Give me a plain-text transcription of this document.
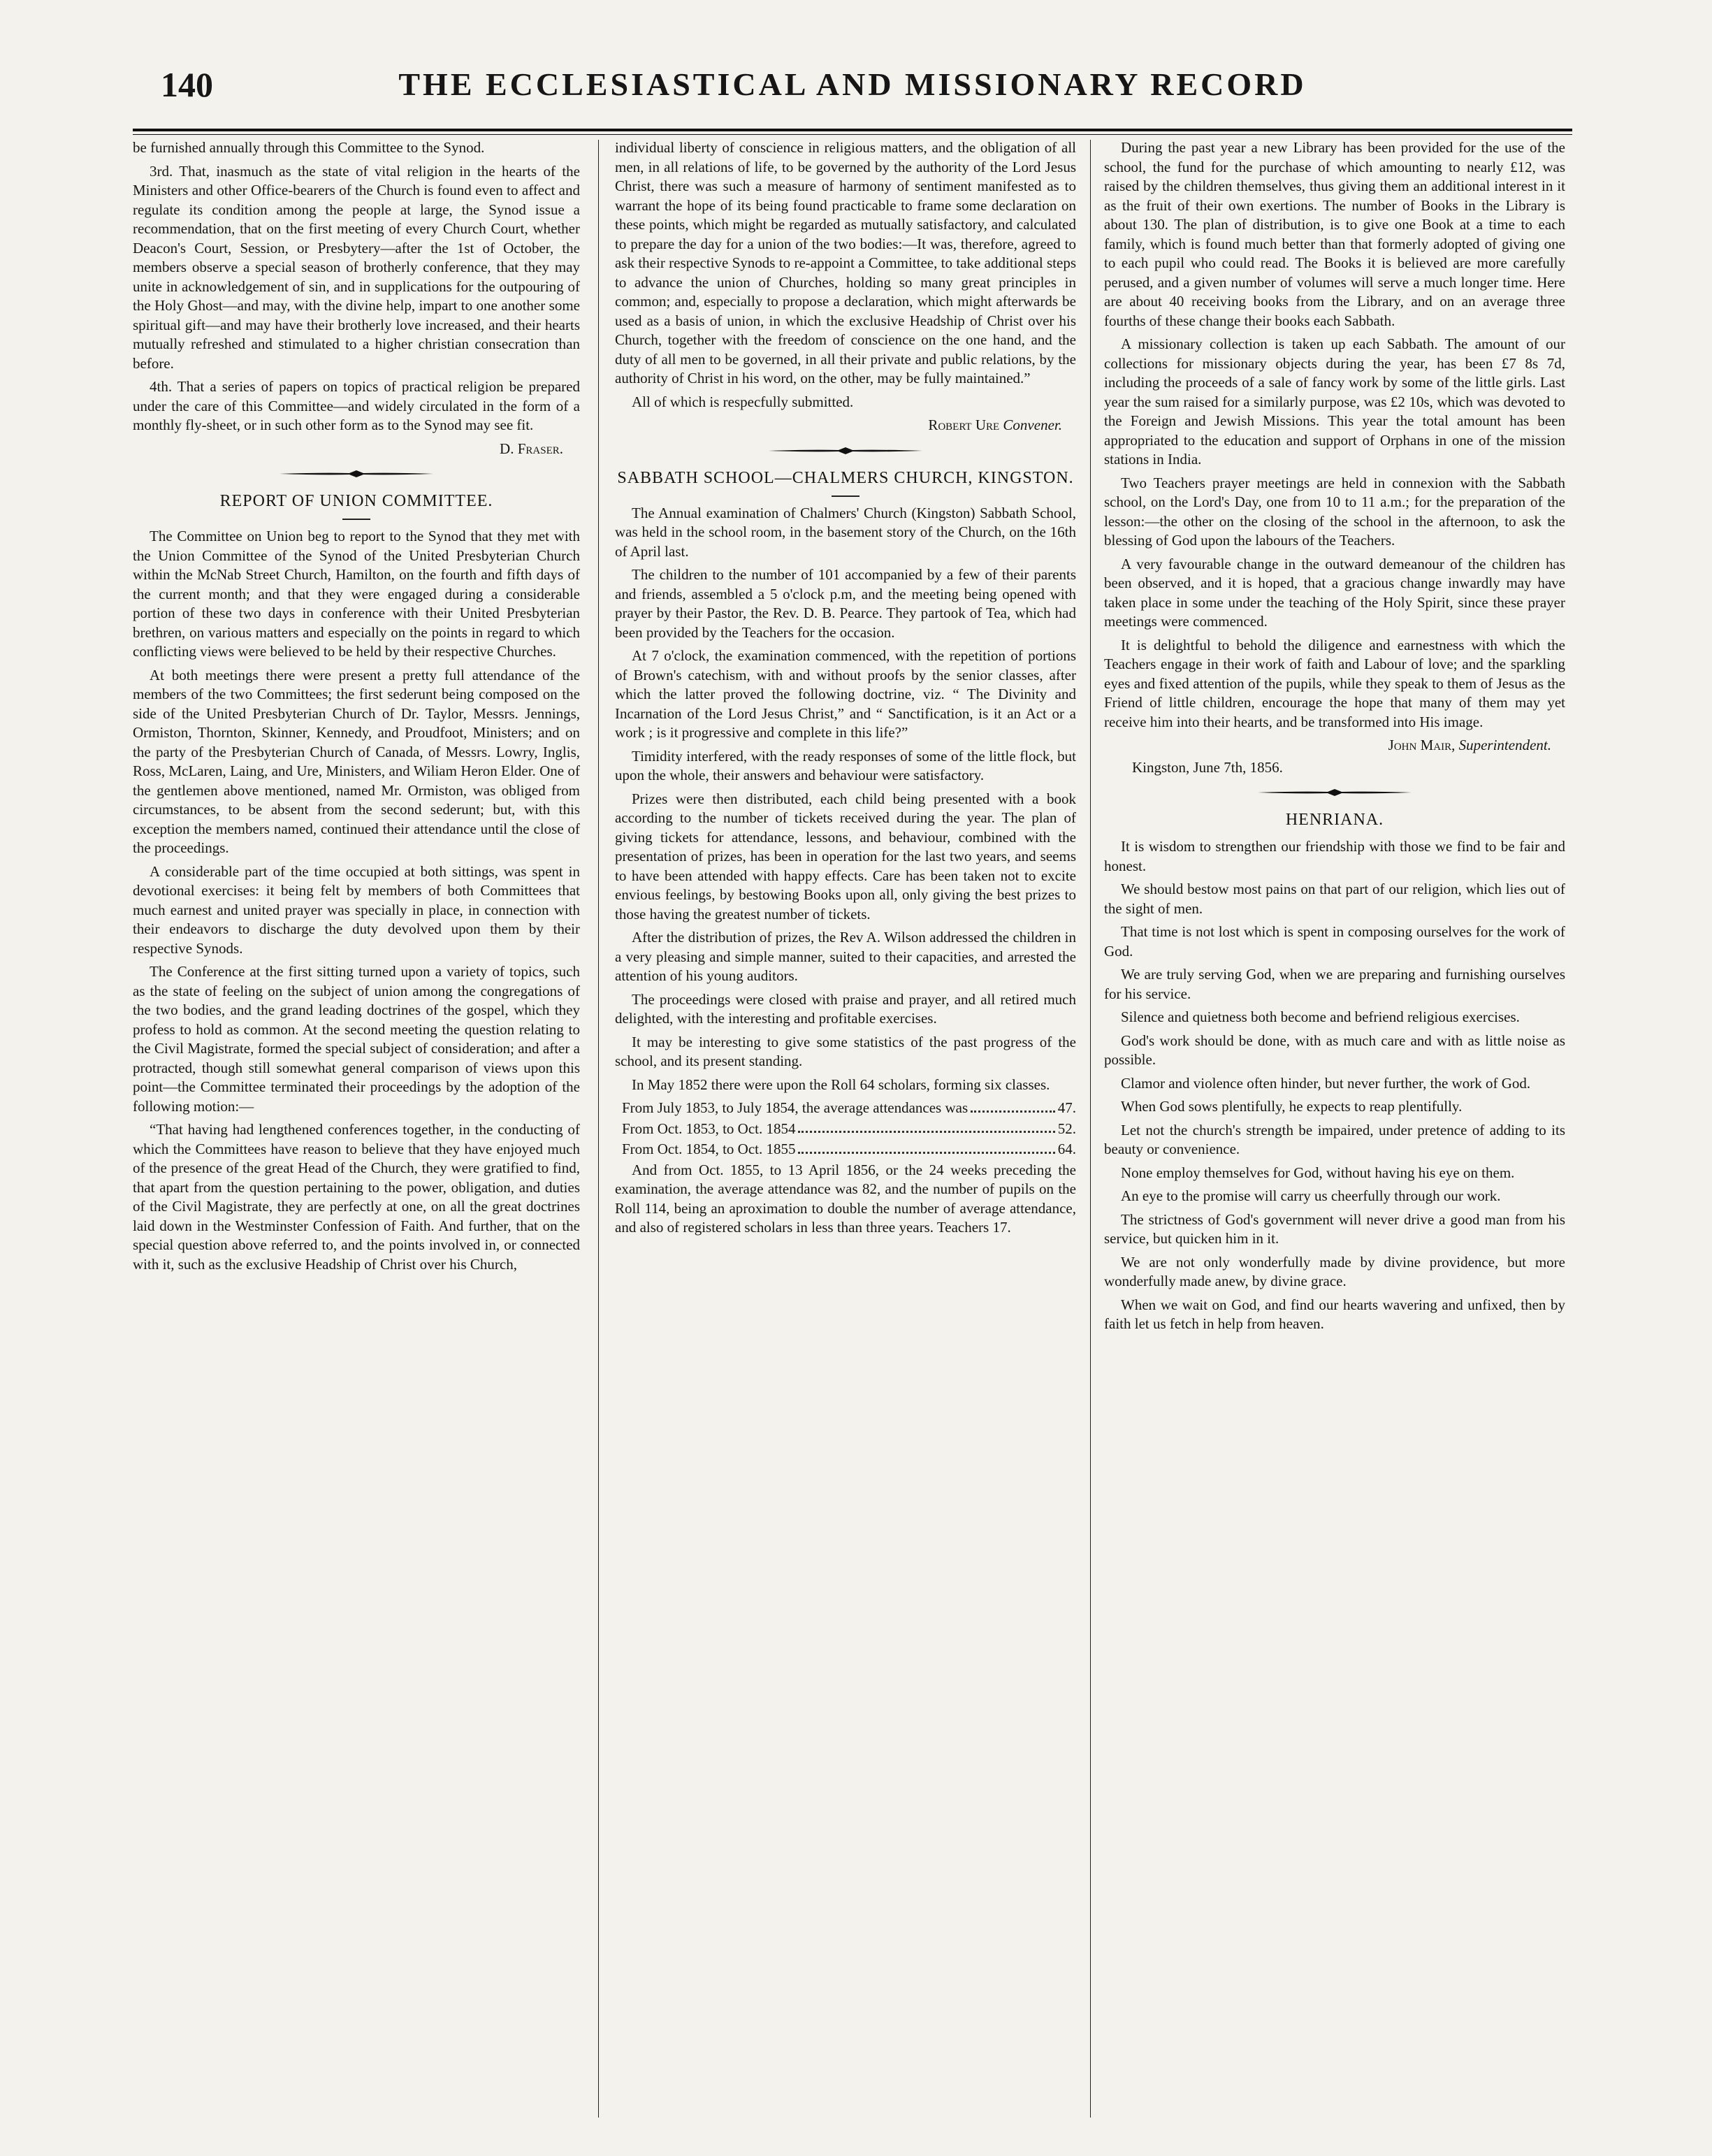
140	THE ECCLESIASTICAL AND MISSIONARY RECORD

be furnished annually through this Committee to the Synod.

3rd. That, inasmuch as the state of vital religion in the hearts of the Ministers and other Office-bearers of the Church is found even to affect and regulate its condition among the people at large, the Synod issue a recommendation, that on the first meeting of every Church Court, whether Deacon's Court, Session, or Presbytery—after the 1st of October, the members observe a special season of brotherly conference, that they may unite in acknowledgement of sin, and in supplications for the outpouring of the Holy Ghost—and may, with the divine help, impart to one another some spiritual gift—and may have their brotherly love increased, and their hearts mutually refreshed and stimulated to a higher christian consecration than before.

4th. That a series of papers on topics of practical religion be prepared under the care of this Committee—and widely circulated in the form of a monthly fly-sheet, or in such other form as to the Synod may see fit.

D. Fraser.
REPORT OF UNION COMMITTEE.

The Committee on Union beg to report to the Synod that they met with the Union Committee of the Synod of the United Presbyterian Church within the McNab Street Church, Hamilton, on the fourth and fifth days of the current month; and that they were engaged during a considerable portion of these two days in conference with their United Presbyterian brethren, on various matters and especially on the points in regard to which conflicting views were believed to be held by their respective Churches.

At both meetings there were present a pretty full attendance of the members of the two Committees; the first sederunt being composed on the side of the United Presbyterian Church of Dr. Taylor, Messrs. Jennings, Ormiston, Thornton, Skinner, Kennedy, and Proudfoot, Ministers; and on the party of the Presbyterian Church of Canada, of Messrs. Lowry, Inglis, Ross, McLaren, Laing, and Ure, Ministers, and Wiliam Heron Elder. One of the gentlemen above mentioned, named Mr. Ormiston, was obliged from circumstances, to be absent from the second sederunt; but, with this exception the members named, continued their attendance until the close of the proceedings.

A considerable part of the time occupied at both sittings, was spent in devotional exercises: it being felt by members of both Committees that much earnest and united prayer was specially in place, in connection with their endeavors to discharge the duty devolved upon them by their respective Synods.

The Conference at the first sitting turned upon a variety of topics, such as the state of feeling on the subject of union among the congregations of the two bodies, and the grand leading doctrines of the gospel, which they profess to hold as common. At the second meeting the question relating to the Civil Magistrate, formed the special subject of consideration; and after a protracted, though still somewhat general comparison of views upon this point—the Committee terminated their proceedings by the adoption of the following motion:—

“That having had lengthened conferences together, in the conducting of which the Committees have reason to believe that they have enjoyed much of the presence of the great Head of the Church, they were gratified to find, that apart from the question pertaining to the power, obligation, and duties of the Civil Magistrate, they are perfectly at one, on all the great doctrines laid down in the Westminster Confession of Faith. And further, that on the special question above referred to, and the points involved in, or connected with it, such as the exclusive Headship of Christ over his Church,

individual liberty of conscience in religious matters, and the obligation of all men, in all relations of life, to be governed by the authority of the Lord Jesus Christ, there was such a measure of harmony of sentiment manifested as to warrant the hope of its being found practicable to frame some declaration on these points, which might be regarded as mutually satisfactory, and calculated to prepare the day for a union of the two bodies:—It was, therefore, agreed to ask their respective Synods to re-appoint a Committee, to take additional steps to advance the union of Churches, holding so many great principles in common; and, especially to propose a declaration, which might afterwards be used as a basis of union, in which the exclusive Headship of Christ over his Church, together with the freedom of conscience on the one hand, and the duty of all men to be governed, in all their private and public relations, by the authority of Christ in his word, on the other, may be fully maintained.”

All of which is respecfully submitted.

Robert Ure Convener.
SABBATH SCHOOL—CHALMERS CHURCH, KINGSTON.

The Annual examination of Chalmers' Church (Kingston) Sabbath School, was held in the school room, in the basement story of the Church, on the 16th of April last.

The children to the number of 101 accompanied by a few of their parents and friends, assembled a 5 o'clock p.m, and the meeting being opened with prayer by their Pastor, the Rev. D. B. Pearce. They partook of Tea, which had been provided by the Teachers for the occasion.

At 7 o'clock, the examination commenced, with the repetition of portions of Brown's catechism, with and without proofs by the senior classes, after which the latter proved the following doctrine, viz. “ The Divinity and Incarnation of the Lord Jesus Christ,” and “ Sanctification, is it an Act or a work ; is it progressive and complete in this life?”

Timidity interfered, with the ready responses of some of the little flock, but upon the whole, their answers and behaviour were satisfactory.

Prizes were then distributed, each child being presented with a book according to the number of tickets received during the year. The plan of giving tickets for attendance, lessons, and behaviour, combined with the presentation of prizes, has been in operation for the last two years, and seems to have been attended with happy effects. Care has been taken not to excite envious feelings, by bestowing Books upon all, only giving the best prizes to those having the greatest number of tickets.

After the distribution of prizes, the Rev A. Wilson addressed the children in a very pleasing and simple manner, suited to their capacities, and arrested the attention of his young auditors.

The proceedings were closed with praise and prayer, and all retired much delighted, with the interesting and profitable exercises.

It may be interesting to give some statistics of the past progress of the school, and its present standing.

In May 1852 there were upon the Roll 64 scholars, forming six classes.

From July 1853, to July 1854, the average attendances was	47.
From Oct. 1853, to Oct. 1854	52.
From Oct. 1854, to Oct. 1855	64.

And from Oct. 1855, to 13 April 1856, or the 24 weeks preceding the examination, the average attendance was 82, and the number of pupils on the Roll 114, being an aproximation to double the number of average attendance, and also of registered scholars in less than three years. Teachers 17.

During the past year a new Library has been provided for the use of the school, the fund for the purchase of which amounting to nearly £12, was raised by the children themselves, thus giving them an additional interest in it as the fruit of their own exertions. The number of Books in the Library is about 130. The plan of distribution, is to give one Book at a time to each family, which is found much better than that formerly adopted of giving one to each pupil who could read. The Books it is believed are more carefully perused, and a given number of volumes will serve a much longer time. Here are about 40 receiving books from the Library, and on an average three fourths of these change their books each Sabbath.

A missionary collection is taken up each Sabbath. The amount of our collections for missionary objects during the year, has been £7 8s 7d, including the proceeds of a sale of fancy work by some of the little girls. Last year the sum raised for a similarly purpose, was £2 10s, which was devoted to the Foreign and Jewish Missions. This year the total amount has been appropriated to the education and support of Orphans in one of the mission stations in India.

Two Teachers prayer meetings are held in connexion with the Sabbath school, on the Lord's Day, one from 10 to 11 a.m.; for the preparation of the lesson:—the other on the closing of the school in the afternoon, to ask the blessing of God upon the labours of the Teachers.

A very favourable change in the outward demeanour of the children has been observed, and it is hoped, that a gracious change inwardly may have taken place in some under the teaching of the Holy Spirit, since these prayer meetings were commenced.

It is delightful to behold the diligence and earnestness with which the Teachers engage in their work of faith and Labour of love; and the sparkling eyes and fixed attention of the pupils, while they speak to them of Jesus as the Friend of little children, encourage the hope that many of them may yet receive him into their hearts, and be transformed into His image.

John Mair, Superintendent.
Kingston, June 7th, 1856.
HENRIANA.

It is wisdom to strengthen our friendship with those we find to be fair and honest.

We should bestow most pains on that part of our religion, which lies out of the sight of men.

That time is not lost which is spent in composing ourselves for the work of God.

We are truly serving God, when we are preparing and furnishing ourselves for his service.

Silence and quietness both become and befriend religious exercises.

God's work should be done, with as much care and with as little noise as possible.

Clamor and violence often hinder, but never further, the work of God.

When God sows plentifully, he expects to reap plentifully.

Let not the church's strength be impaired, under pretence of adding to its beauty or convenience.

None employ themselves for God, without having his eye on them.

An eye to the promise will carry us cheerfully through our work.

The strictness of God's government will never drive a good man from his service, but quicken him in it.

We are not only wonderfully made by divine providence, but more wonderfully made anew, by divine grace.

When we wait on God, and find our hearts wavering and unfixed, then by faith let us fetch in help from heaven.
